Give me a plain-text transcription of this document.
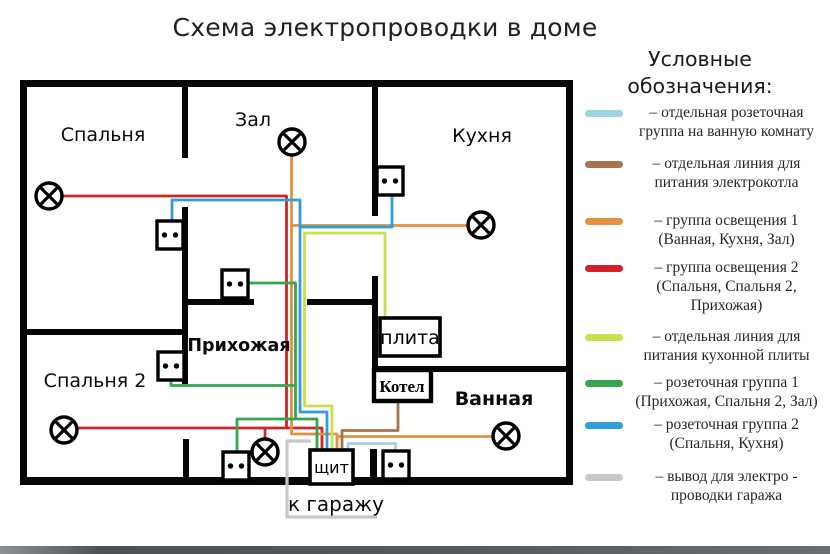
Схема электропроводки в доме
плита
Котел
щит
Спальня
Зал
Кухня
Прихожая
Спальня 2
Ванная
к гаражу
Условные обозначения:
– отдельная розеточная группа на ванную комнату
– отдельная линия для питания электрокотла
– группа освещения 1 (Ванная, Кухня, Зал)
– группа освещения 2 (Спальня, Спальня 2, Прихожая)
– отдельная линия для питания кухонной плиты
– розеточная группа 1 (Прихожая, Спальня 2, Зал)
– розеточная группа 2 (Спальня, Кухня)
– вывод для электро - проводки гаража
